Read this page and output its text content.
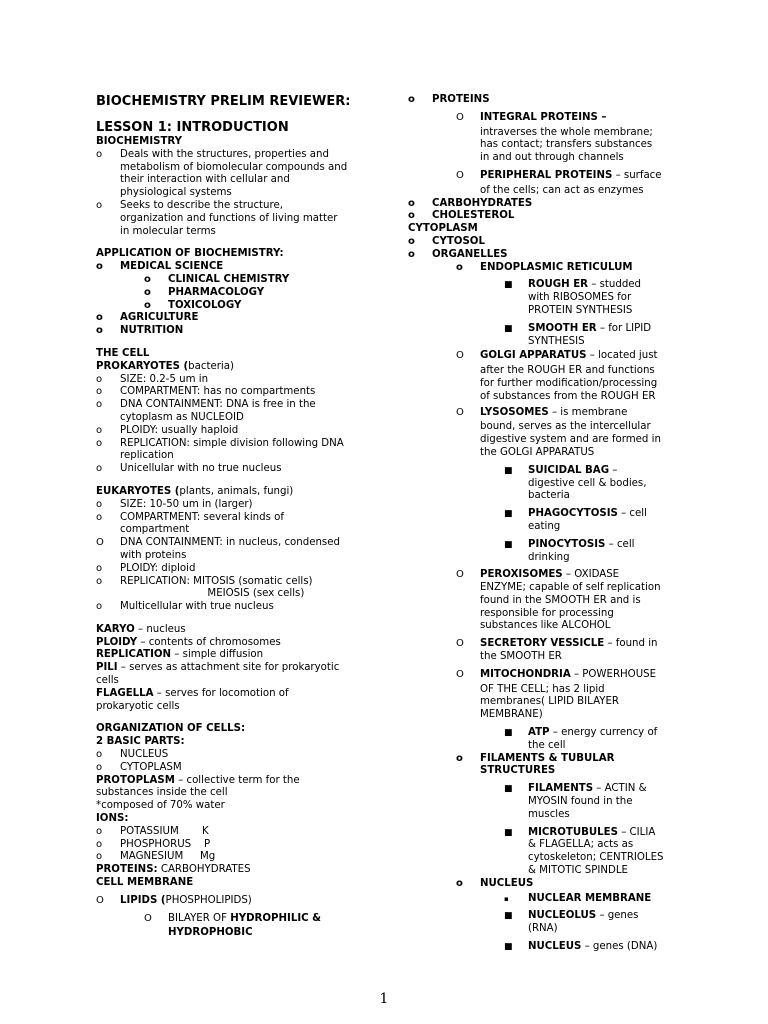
BIOCHEMISTRY PRELIM REVIEWER:
LESSON 1: INTRODUCTION
BIOCHEMISTRY
o Deals with the structures, properties and
metabolism of biomolecular compounds and
their interaction with cellular and
physiological systems
o Seeks to describe the structure,
organization and functions of living matter
in molecular terms
APPLICATION OF BIOCHEMISTRY:
o MEDICAL SCIENCE
o CLINICAL CHEMISTRY
o PHARMACOLOGY
o TOXICOLOGY
o AGRICULTURE
o NUTRITION
THE CELL
PROKARYOTES (bacteria)
o SIZE: 0.2-5 um in
o COMPARTMENT: has no compartments
o DNA CONTAINMENT: DNA is free in the
cytoplasm as NUCLEOID
o PLOIDY: usually haploid
o REPLICATION: simple division following DNA
replication
o Unicellular with no true nucleus
EUKARYOTES (plants, animals, fungi)
o SIZE: 10-50 um in (larger)
o COMPARTMENT: several kinds of
compartment
O DNA CONTAINMENT: in nucleus, condensed
with proteins
o PLOIDY: diploid
o REPLICATION: MITOSIS (somatic cells)
MEIOSIS (sex cells)
o Multicellular with true nucleus
KARYO – nucleus
PLOIDY – contents of chromosomes
REPLICATION – simple diffusion
PILI – serves as attachment site for prokaryotic
cells
FLAGELLA – serves for locomotion of
prokaryotic cells
ORGANIZATION OF CELLS:
2 BASIC PARTS:
o NUCLEUS
o CYTOPLASM
PROTOPLASM – collective term for the
substances inside the cell
*composed of 70% water
IONS:
o POTASSIUM K
o PHOSPHORUS P
o MAGNESIUM Mg
PROTEINS: CARBOHYDRATES
CELL MEMBRANE
O LIPIDS (PHOSPHOLIPIDS)
O BILAYER OF HYDROPHILIC &
HYDROPHOBIC
o PROTEINS
O INTEGRAL PROTEINS –
intraverses the whole membrane;
has contact; transfers substances
in and out through channels
O PERIPHERAL PROTEINS – surface
of the cells; can act as enzymes
o CARBOHYDRATES
o CHOLESTEROL
CYTOPLASM
o CYTOSOL
o ORGANELLES
o ENDOPLASMIC RETICULUM
■ ROUGH ER – studded
with RIBOSOMES for
PROTEIN SYNTHESIS
■ SMOOTH ER – for LIPID
SYNTHESIS
O GOLGI APPARATUS – located just
after the ROUGH ER and functions
for further modification/processing
of substances from the ROUGH ER
O LYSOSOMES – is membrane
bound, serves as the intercellular
digestive system and are formed in
the GOLGI APPARATUS
■ SUICIDAL BAG –
digestive cell & bodies,
bacteria
■ PHAGOCYTOSIS – cell
eating
■ PINOCYTOSIS – cell
drinking
O PEROXISOMES – OXIDASE
ENZYME; capable of self replication
found in the SMOOTH ER and is
responsible for processing
substances like ALCOHOL
O SECRETORY VESSICLE – found in
the SMOOTH ER
O MITOCHONDRIA – POWERHOUSE
OF THE CELL; has 2 lipid
membranes( LIPID BILAYER
MEMBRANE)
■ ATP – energy currency of
the cell
o FILAMENTS & TUBULAR
STRUCTURES
■ FILAMENTS – ACTIN &
MYOSIN found in the
muscles
■ MICROTUBULES – CILIA
& FLAGELLA; acts as
cytoskeleton; CENTRIOLES
& MITOTIC SPINDLE
o NUCLEUS
▪ NUCLEAR MEMBRANE
■ NUCLEOLUS – genes
(RNA)
■ NUCLEUS – genes (DNA)
1
